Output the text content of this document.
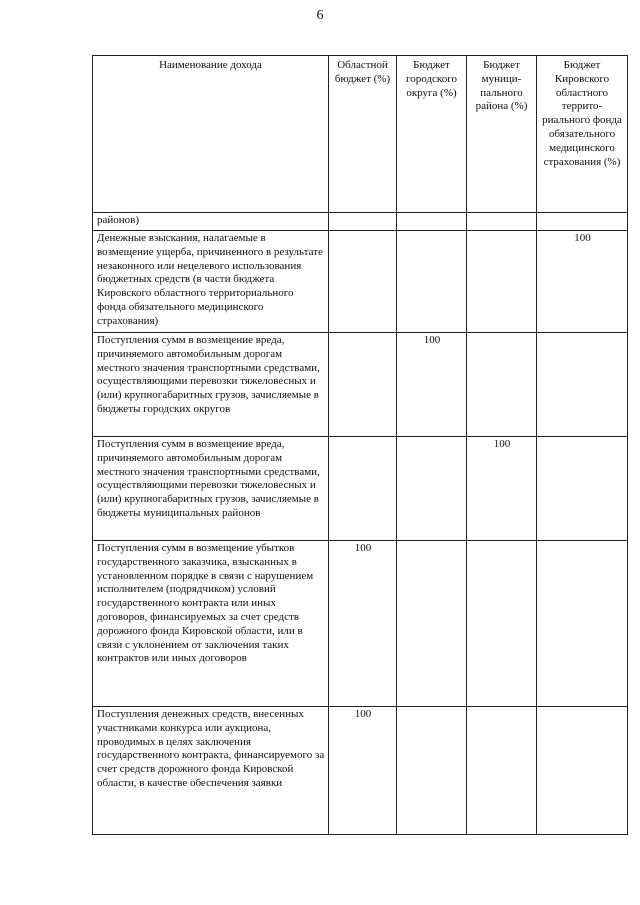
6
Наименование дохода	Областной бюджет (%)	Бюджет городского округа (%)	Бюджет муници-пального района (%)	Бюджет Кировского областного террито-риального фонда обязательного медицинского страхования (%)
районов)				
Денежные взыскания, налагаемые в возмещение ущерба, причиненного в результате незаконного или нецелевого использования бюджетных средств (в части бюджета Кировского областного территориального фонда обязательного медицинского страхования)				100
Поступления сумм в возмещение вреда, причиняемого автомобильным дорогам местного значения транспортными средствами, осуществляющими перевозки тяжеловесных и (или) крупногабаритных грузов, зачисляемые в бюджеты городских округов		100		
Поступления сумм в возмещение вреда, причиняемого автомобильным дорогам местного значения транспортными средствами, осуществляющими перевозки тяжеловесных и (или) крупногабаритных грузов, зачисляемые в бюджеты муниципальных районов			100	
Поступления сумм в возмещение убытков государственного заказчика, взысканных в установленном порядке в связи с нарушением исполнителем (подрядчиком) условий государственного контракта или иных договоров, финансируемых за счет средств дорожного фонда Кировской области, или в связи с уклонением от заключения таких контрактов или иных договоров	100			
Поступления денежных средств, внесенных участниками конкурса или аукциона, проводимых в целях заключения государственного контракта, финансируемого за счет средств дорожного фонда Кировской области, в качестве обеспечения заявки	100			
